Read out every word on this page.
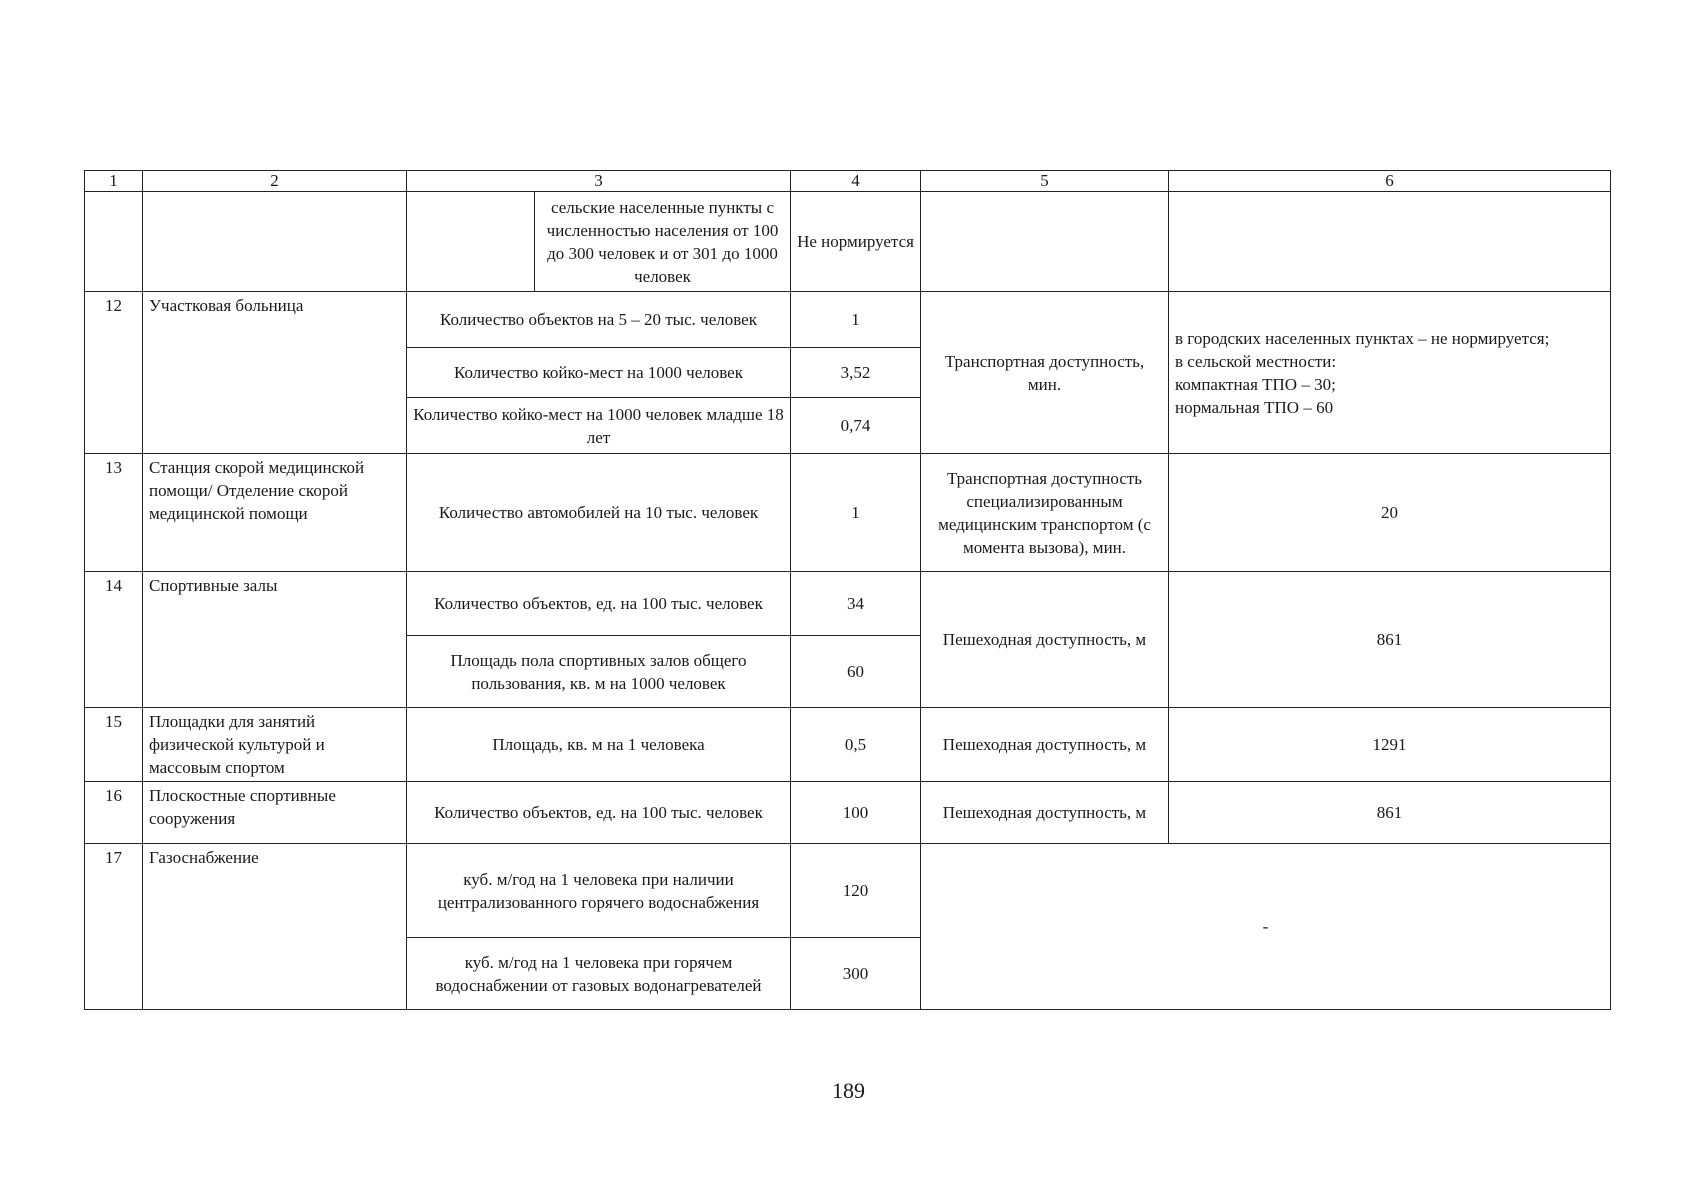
1	2	3		4	5	6
			сельские населенные пункты с численностью населения от 100 до 300 человек и от 301 до 1000 человек	Не нормируется		
12	Участковая больница	Количество объектов на 5 – 20 тыс. человек		1	Транспортная доступность, мин.	в городских населенных пунктах – не нормируется;
в сельской местности:
компактная ТПО – 30;
нормальная ТПО – 60

		Количество койко-мест на 1000 человек		3,52		
		Количество койко-мест на 1000 человек младше 18 лет		0,74		
13	Станция скорой медицинской помощи/ Отделение скорой медицинской помощи	Количество автомобилей на 10 тыс. человек		1	Транспортная доступность специализированным медицинским транспортом (с момента вызова), мин.	20
14	Спортивные залы	Количество объектов, ед. на 100 тыс. человек		34	Пешеходная доступность, м	861
		Площадь пола спортивных залов общего пользования, кв. м на 1000 человек		60		
15	Площадки для занятий физической культурой и массовым спортом	Площадь, кв. м на 1 человека		0,5	Пешеходная доступность, м	1291
16	Плоскостные спортивные сооружения	Количество объектов, ед. на 100 тыс. человек		100	Пешеходная доступность, м	861
17	Газоснабжение	куб. м/год на 1 человека при наличии централизованного горячего водоснабжения		120	-	
		куб. м/год на 1 человека при горячем водоснабжении от газовых водонагревателей		300		
189
